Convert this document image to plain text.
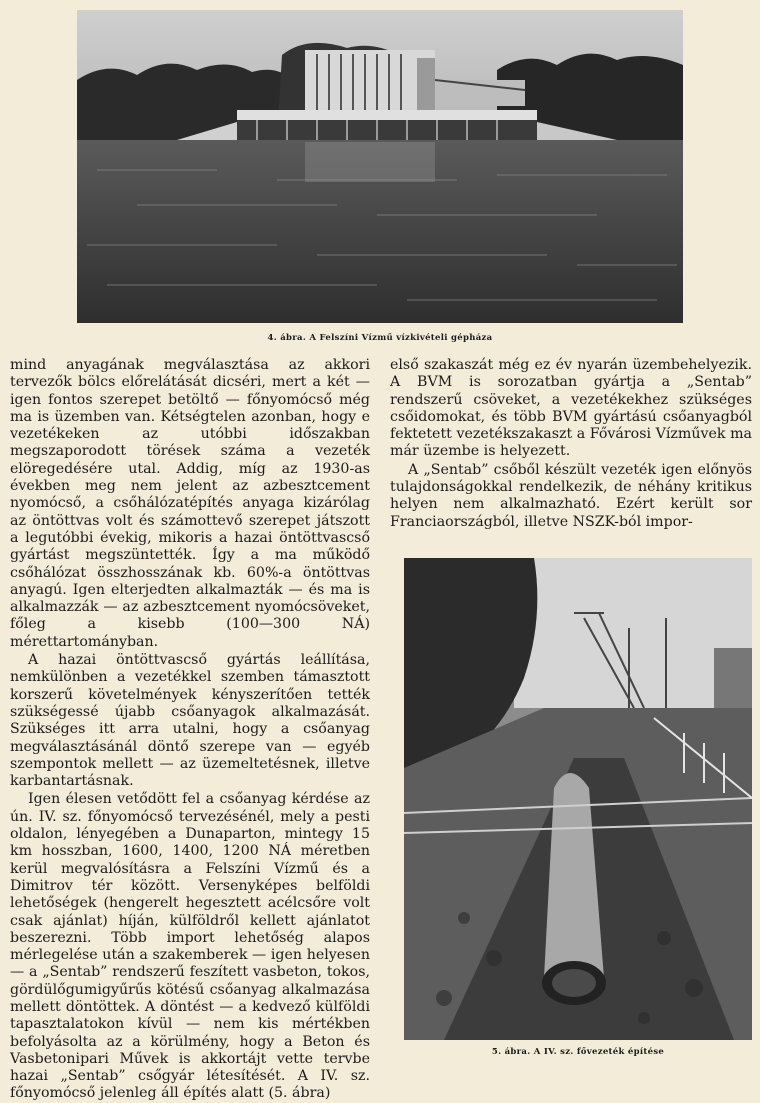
4. ábra. A Felszíni Vízmű vízkivételi gépháza
5. ábra. A IV. sz. fővezeték építése

mind anyagának megválasztása az akkori tervezők bölcs előrelátását dicséri, mert a két — igen fontos szerepet betöltő — főnyomócső még ma is üzemben van. Kétségtelen azonban, hogy e vezetékeken az utóbbi időszakban megszaporodott törések száma a vezeték elöregedésére utal. Addig, míg az 1930-as években meg nem jelent az azbesztcement nyomócső, a csőhálózatépítés anyaga kizárólag az öntöttvas volt és számottevő szerepet játszott a legutóbbi évekig, mikoris a hazai öntöttvascső gyártást megszüntették. Így a ma működő csőhálózat összhosszának kb. 60%-a öntöttvas anyagú. Igen elterjedten alkalmazták — és ma is alkalmazzák — az azbesztcement nyomócsöveket, főleg a kisebb (100—300 NÁ) mérettartományban.

A hazai öntöttvascső gyártás leállítása, nemkülönben a vezetékkel szemben támasztott korszerű követelmények kényszerítően tették szükségessé újabb csőanyagok alkalmazását. Szükséges itt arra utalni, hogy a csőanyag megválasztásánál döntő szerepe van — egyéb szempontok mellett — az üzemeltetésnek, illetve karbantartásnak.

Igen élesen vetődött fel a csőanyag kérdése az ún. IV. sz. főnyomócső tervezésénél, mely a pesti oldalon, lényegében a Dunaparton, mintegy 15 km hosszban, 1600, 1400, 1200 NÁ méretben kerül megvalósításra a Felszíni Vízmű és a Dimitrov tér között. Versenyképes belföldi lehetőségek (hengerelt hegesztett acélcsőre volt csak ajánlat) híján, külföldről kellett ajánlatot beszerezni. Több import lehetőség alapos mérlegelése után a szakemberek — igen helyesen — a „Sentab” rendszerű feszített vasbeton, tokos, gördülőgumigyűrűs kötésű csőanyag alkalmazása mellett döntöttek. A döntést — a kedvező külföldi tapasztalatokon kívül — nem kis mértékben befolyásolta az a körülmény, hogy a Beton és Vasbetonipari Művek is akkortájt vette tervbe hazai „Sentab” csőgyár létesítését. A IV. sz. főnyomócső jelenleg áll építés alatt (5. ábra)

első szakaszát még ez év nyarán üzembehelyezik. A BVM is sorozatban gyártja a „Sentab” rendszerű csöveket, a vezetékekhez szükséges csőidomokat, és több BVM gyártású csőanyagból fektetett vezetékszakaszt a Fővárosi Vízművek ma már üzembe is helyezett.

A „Sentab” csőből készült vezeték igen előnyös tulajdonságokkal rendelkezik, de néhány kritikus helyen nem alkalmazható. Ezért került sor Franciaországból, illetve NSZK-ból impor-
